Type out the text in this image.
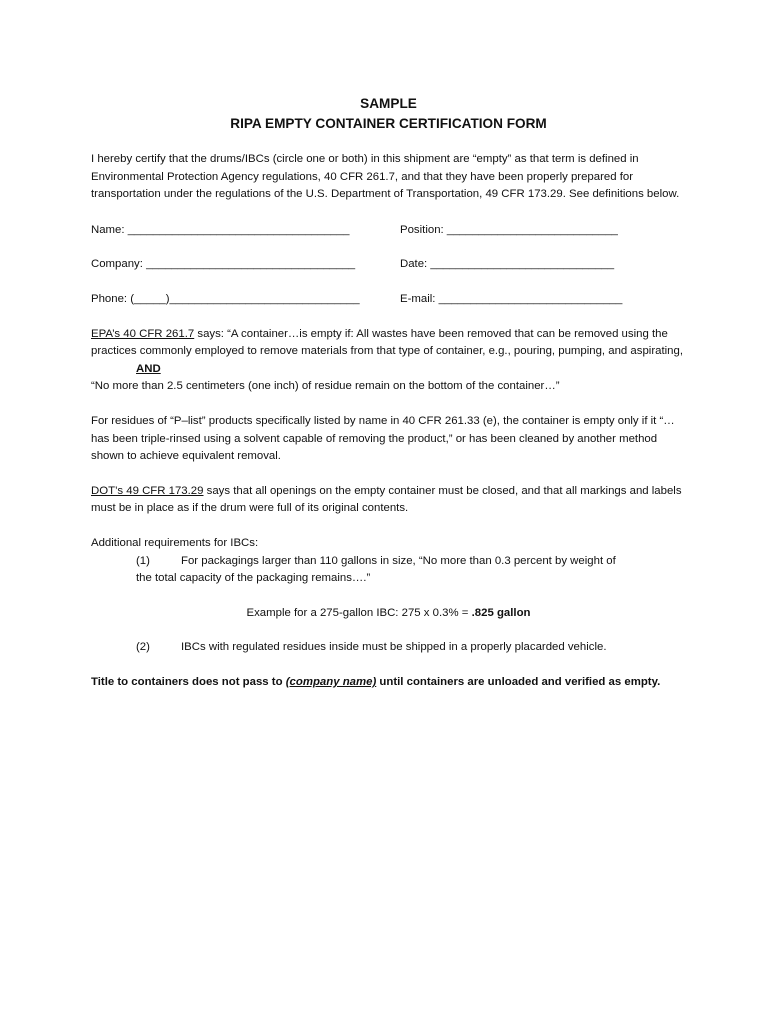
SAMPLE

RIPA EMPTY CONTAINER CERTIFICATION FORM

I hereby certify that the drums/IBCs (circle one or both) in this shipment are “empty” as that term is defined in Environmental Protection Agency regulations, 40 CFR 261.7, and that they have been properly prepared for transportation under the regulations of the U.S. Department of Transportation, 49 CFR 173.29. See definitions below.

Name: ___________________________________	Position: ___________________________
Company: _________________________________	Date: _____________________________
Phone: (_____)______________________________	E-mail: _____________________________

EPA’s 40 CFR 261.7 says: “A container…is empty if: All wastes have been removed that can be removed using the practices commonly employed to remove materials from that type of container, e.g., pouring, pumping, and aspirating,

AND

“No more than 2.5 centimeters (one inch) of residue remain on the bottom of the container…”

For residues of “P–list” products specifically listed by name in 40 CFR 261.33 (e), the container is empty only if it “…has been triple-rinsed using a solvent capable of removing the product,” or has been cleaned by another method shown to achieve equivalent removal.

DOT’s 49 CFR 173.29 says that all openings on the empty container must be closed, and that all markings and labels must be in place as if the drum were full of its original contents.

Additional requirements for IBCs:

(1)	For packagings larger than 110 gallons in size, “No more than 0.3 percent by weight of

the total capacity of the packaging remains….”

Example for a 275-gallon IBC: 275 x 0.3% = .825 gallon

(2)	IBCs with regulated residues inside must be shipped in a properly placarded vehicle.

Title to containers does not pass to (company name) until containers are unloaded and verified as empty.
